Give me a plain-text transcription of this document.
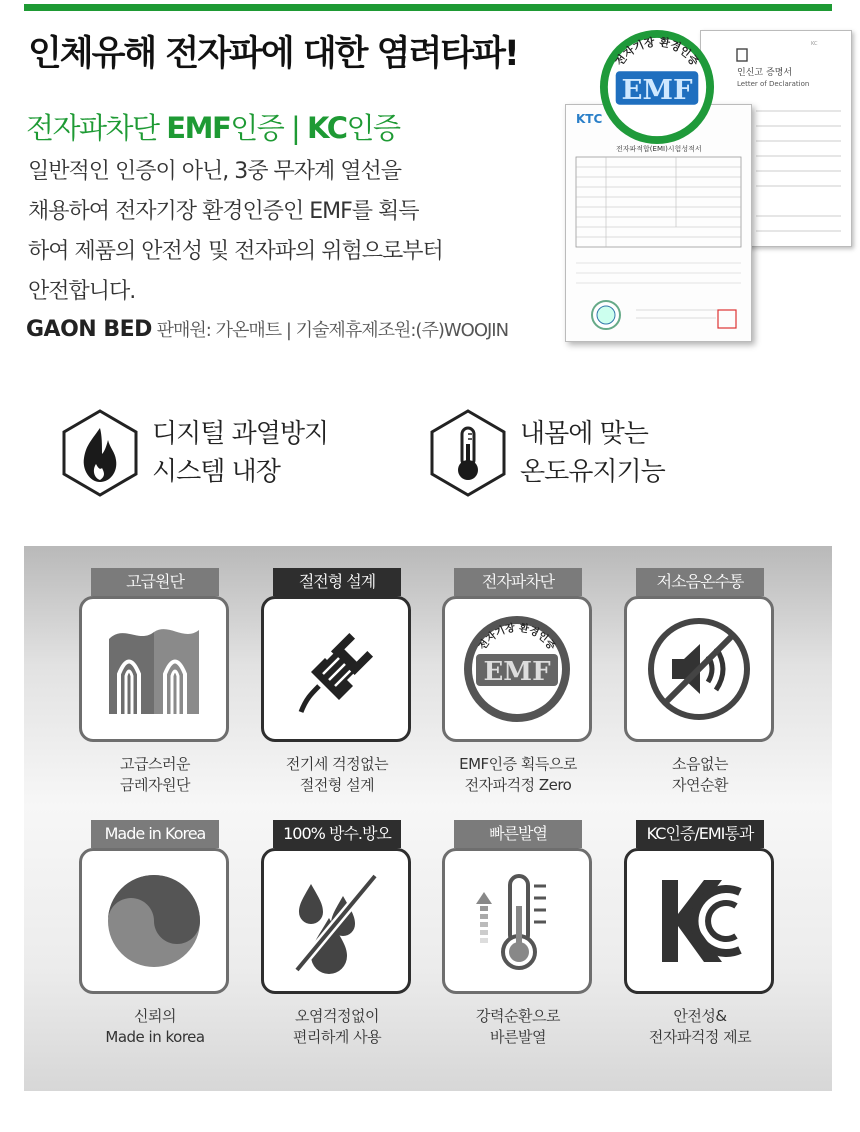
인체유해 전자파에 대한 염려타파!
전자파차단 EMF인증 | KC인증
일반적인 인증이 아닌, 3중 무자계 열선을
채용하여 전자기장 환경인증인 EMF를 획득
하여 제품의 안전성 및 전자파의 위험으로부터
안전합니다.
GAON BED 판매원: 가온매트 | 기술제휴제조원:(주)WOOJIN
KC
인신고 증명서
Letter of Declaration
KTC
전자파적합(EMI)시험성적서
EMF
전자기장 환경인증
한국기계전기전자시험연구원
디지털 과열방지
시스템 내장
내몸에 맞는
온도유지기능
고급원단
고급스러운
금레자원단
절전형 설계
전기세 걱정없는
절전형 설계
전자파차단
EMF
전자기장 환경인증
한국기계전기전자시험연구원
EMF인증 획득으로
전자파걱정 Zero
저소음온수통
소음없는
자연순환
Made in Korea
신뢰의
Made in korea
100% 방수.방오
오염걱정없이
편리하게 사용
빠른발열
강력순환으로
바른발열
KC인증/EMI통과
안전성&
전자파걱정 제로
